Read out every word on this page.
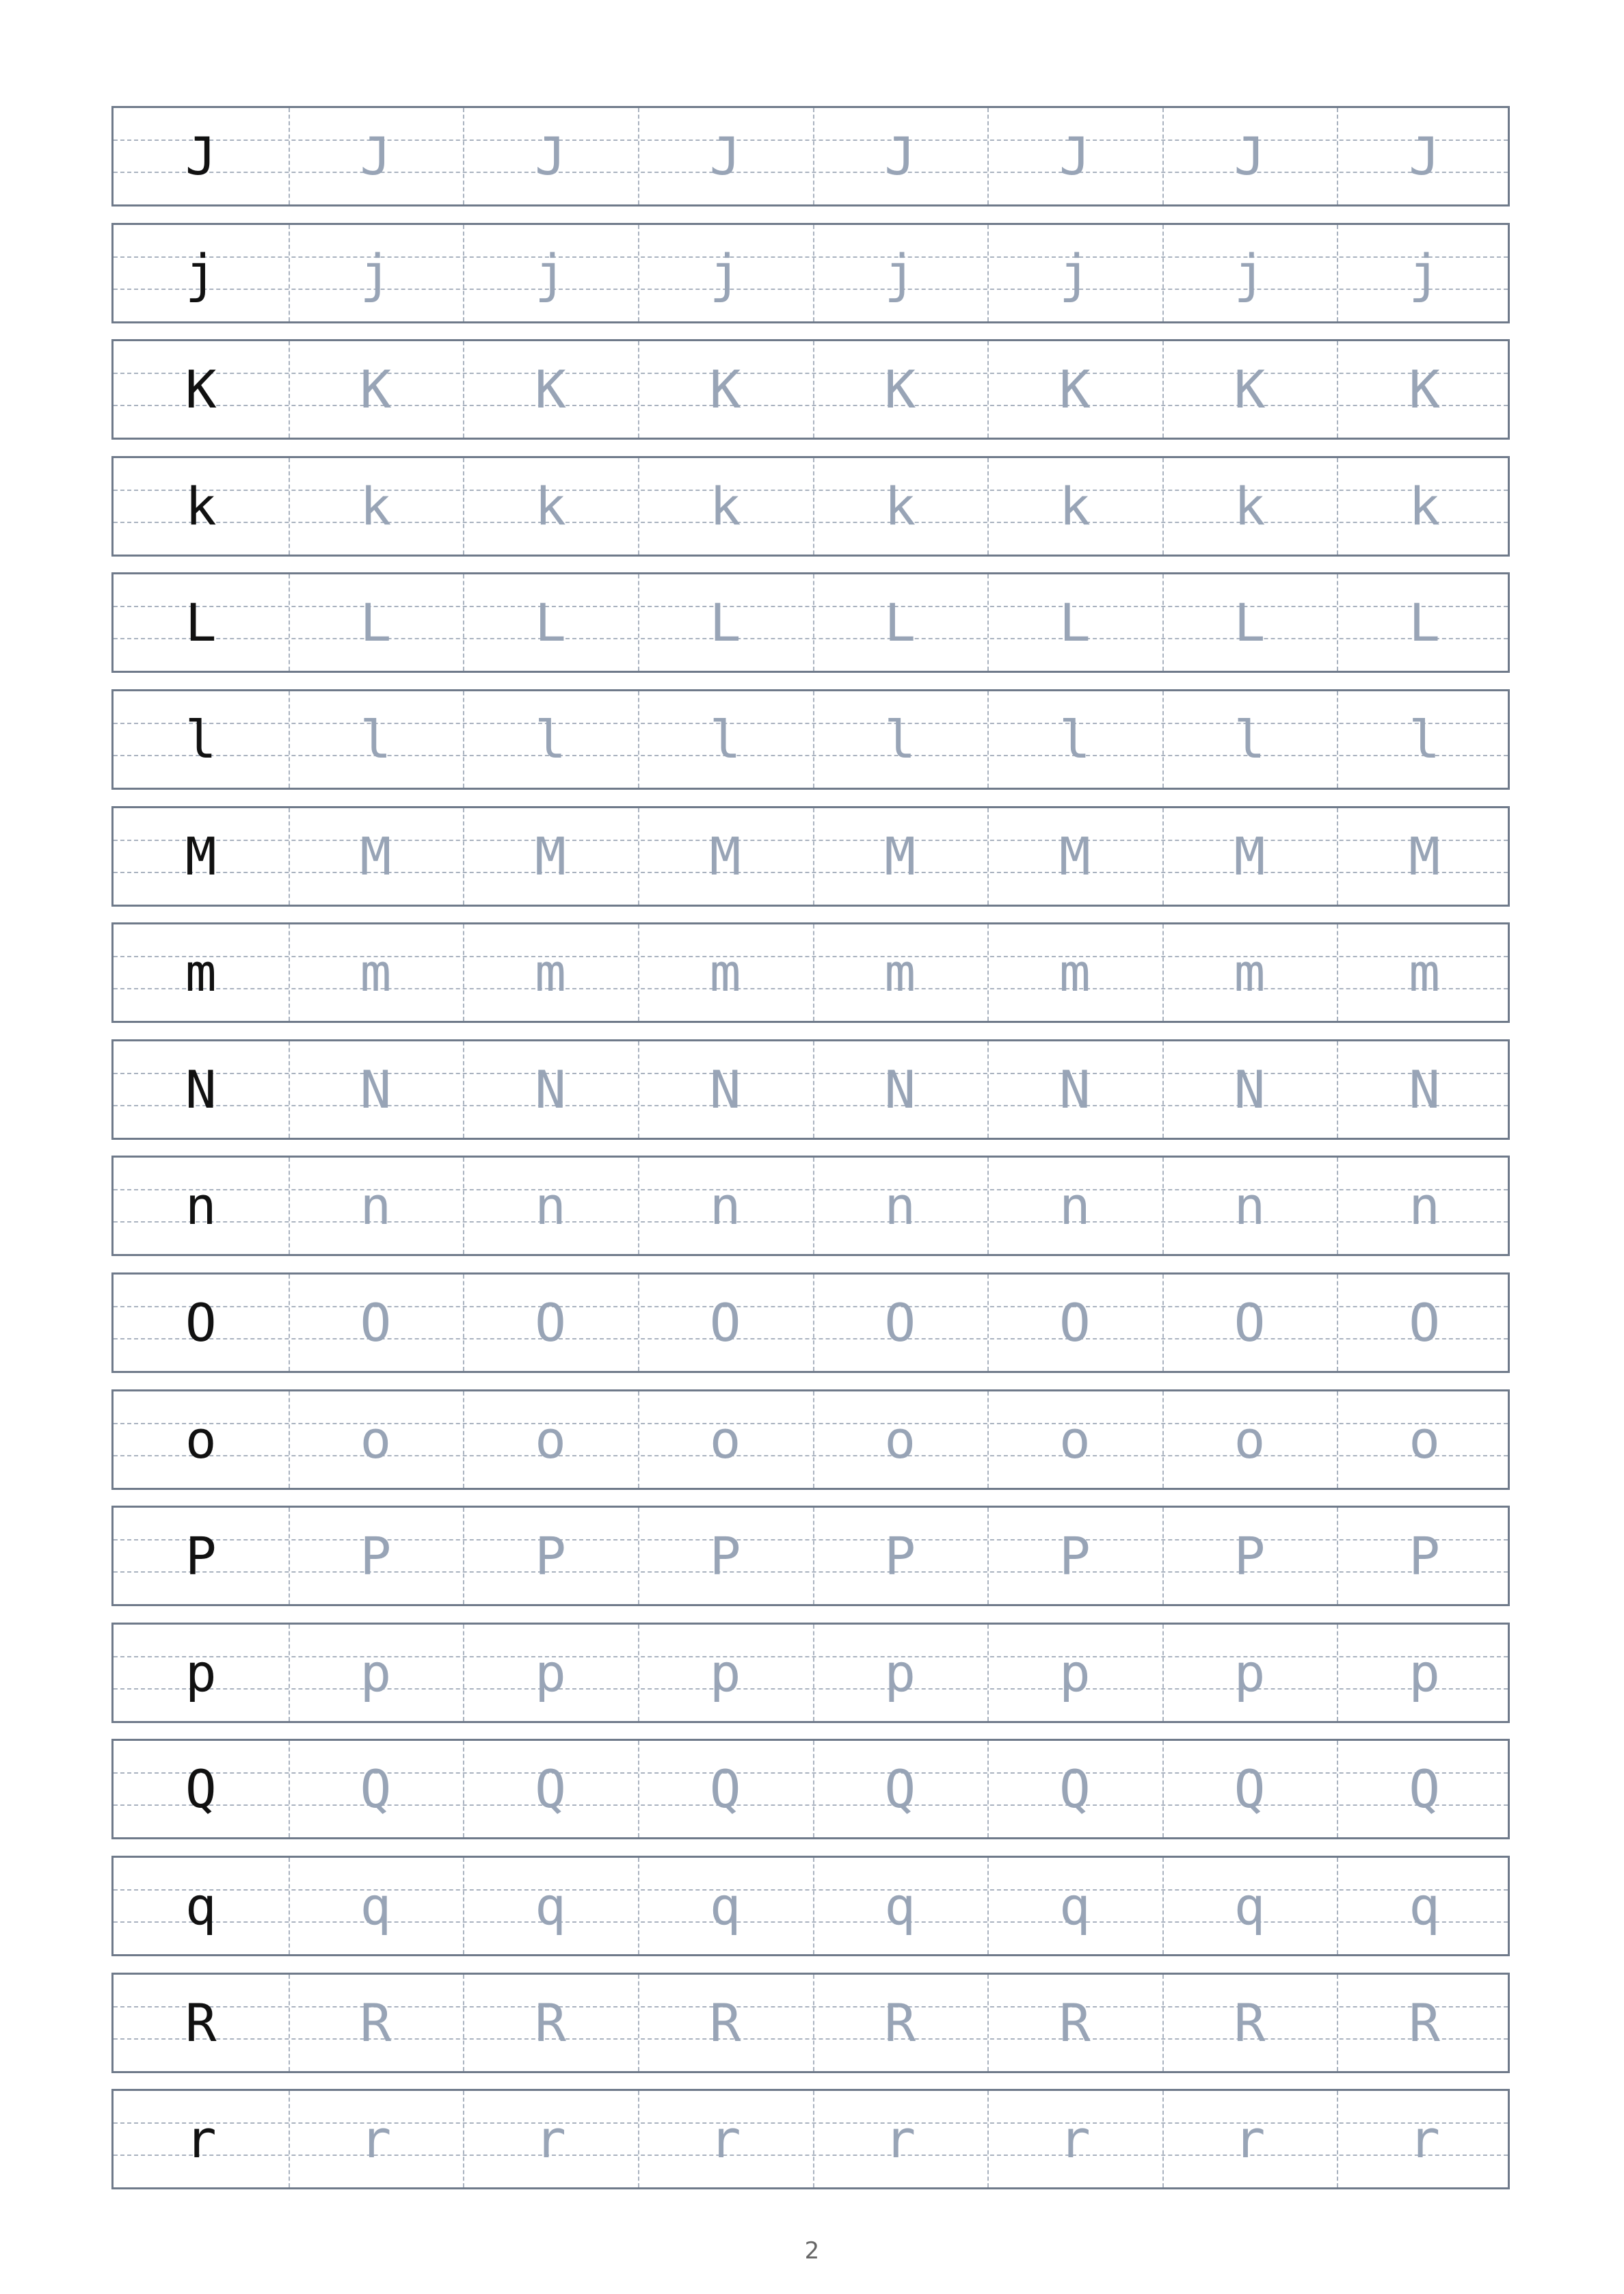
J	J	J	J	J	J	J	J
j	j	j	j	j	j	j	j
K	K	K	K	K	K	K	K
k	k	k	k	k	k	k	k
L	L	L	L	L	L	L	L
l	l	l	l	l	l	l	l
M	M	M	M	M	M	M	M
m	m	m	m	m	m	m	m
N	N	N	N	N	N	N	N
n	n	n	n	n	n	n	n
O	O	O	O	O	O	O	O
o	o	o	o	o	o	o	o
P	P	P	P	P	P	P	P
p	p	p	p	p	p	p	p
Q	Q	Q	Q	Q	Q	Q	Q
q	q	q	q	q	q	q	q
R	R	R	R	R	R	R	R
r	r	r	r	r	r	r	r
2
